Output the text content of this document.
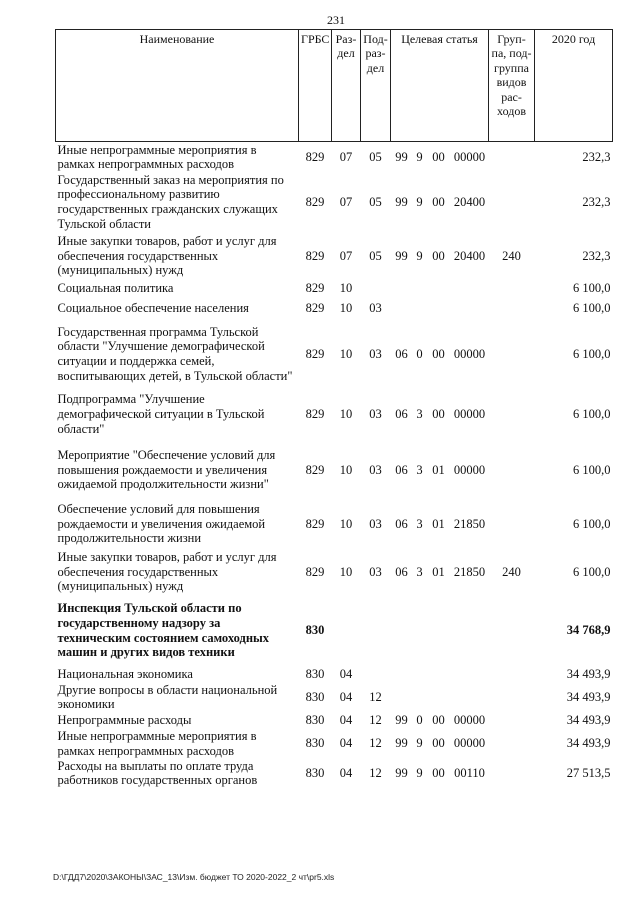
231
Наименование	ГРБС	Раз-дел	Под-раз-дел	Целевая статья				Груп-па, под-группа видов рас-ходов	2020 год
Иные непрограммные мероприятия в рамках непрограммных расходов	829	07	05	99	9	00	00000		232,3
Государственный заказ на мероприятия по профессиональному развитию государственных гражданских служащих Тульской области	829	07	05	99	9	00	20400		232,3
Иные закупки товаров, работ и услуг для обеспечения государственных (муниципальных) нужд	829	07	05	99	9	00	20400	240	232,3
Социальная политика	829	10							6 100,0
Социальное обеспечение населения	829	10	03						6 100,0
Государственная программа Тульской области "Улучшение демографической ситуации и поддержка семей, воспитывающих детей, в Тульской области"	829	10	03	06	0	00	00000		6 100,0
Подпрограмма "Улучшение демографической ситуации в Тульской области"	829	10	03	06	3	00	00000		6 100,0
Мероприятие "Обеспечение условий для повышения рождаемости и увеличения ожидаемой продолжительности жизни"	829	10	03	06	3	01	00000		6 100,0
Обеспечение условий для повышения рождаемости и увеличения ожидаемой продолжительности жизни	829	10	03	06	3	01	21850		6 100,0
Иные закупки товаров, работ и услуг для обеспечения государственных (муниципальных) нужд	829	10	03	06	3	01	21850	240	6 100,0
Инспекция Тульской области по государственному надзору за техническим состоянием самоходных машин и других видов техники	830								34 768,9
Национальная экономика	830	04							34 493,9
Другие вопросы в области национальной экономики	830	04	12						34 493,9
Непрограммные расходы	830	04	12	99	0	00	00000		34 493,9
Иные непрограммные мероприятия в рамках непрограммных расходов	830	04	12	99	9	00	00000		34 493,9
Расходы на выплаты по оплате труда работников государственных органов	830	04	12	99	9	00	00110		27 513,5
D:\ГДД7\2020\ЗАКОНЫ\ЗАС_13\Изм. бюджет ТО 2020-2022_2 чт\pr5.xls
